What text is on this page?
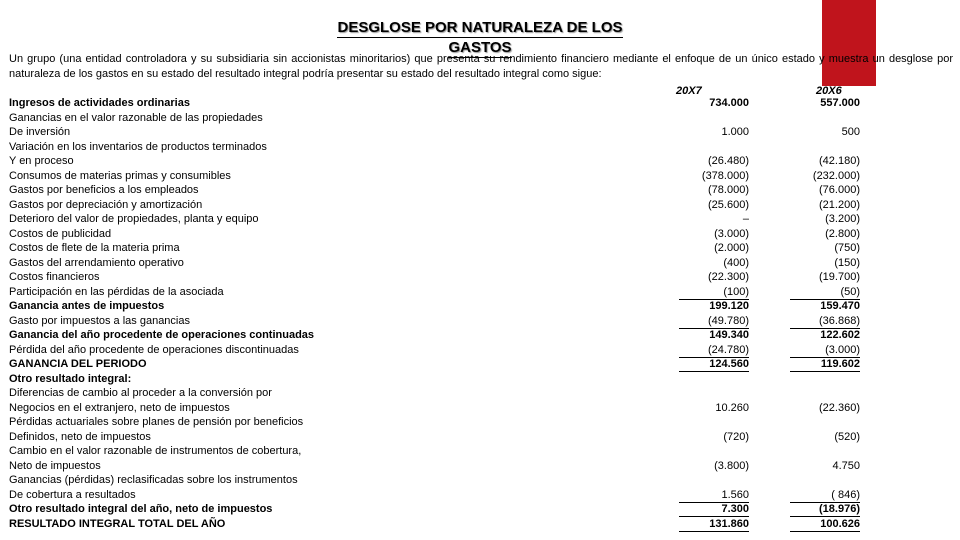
DESGLOSE POR NATURALEZA DE LOS GASTOS
Un grupo (una entidad controladora y su subsidiaria sin accionistas minoritarios) que presenta su rendimiento financiero mediante el enfoque de un único estado y muestra un desglose por naturaleza de los gastos en su estado del resultado integral podría presentar su estado del resultado integral como sigue:
20X7	20X6
Ingresos de actividades ordinarias	734.000	557.000
Ganancias en el valor razonable de las propiedades
De inversión	1.000	500
Variación en los inventarios de productos terminados
Y en proceso	(26.480)	(42.180)
Consumos de materias primas y consumibles	(378.000)	(232.000)
Gastos por beneficios a los empleados	(78.000)	(76.000)
Gastos por depreciación y amortización	(25.600)	(21.200)
Deterioro del valor de propiedades, planta y equipo	–	(3.200)
Costos de publicidad	(3.000)	(2.800)
Costos de flete de la materia prima	(2.000)	(750)
Gastos del arrendamiento operativo	(400)	(150)
Costos financieros	(22.300)	(19.700)
Participación en las pérdidas de la asociada	(100)	(50)
Ganancia antes de impuestos	199.120	159.470
Gasto por impuestos a las ganancias	(49.780)	(36.868)
Ganancia del año procedente de operaciones continuadas	149.340	122.602
Pérdida del año procedente de operaciones discontinuadas	(24.780)	(3.000)
GANANCIA DEL PERIODO	124.560	119.602
Otro resultado integral:
Diferencias de cambio al proceder a la conversión por
Negocios en el extranjero, neto de impuestos	10.260	(22.360)
Pérdidas actuariales sobre planes de pensión por beneficios
Definidos, neto de impuestos	(720)	(520)
Cambio en el valor razonable de instrumentos de cobertura,
Neto de impuestos	(3.800)	4.750
Ganancias (pérdidas) reclasificadas sobre los instrumentos
De cobertura a resultados	1.560	( 846)
Otro resultado integral del año, neto de impuestos	7.300	(18.976)
RESULTADO INTEGRAL TOTAL DEL AÑO	131.860	100.626
